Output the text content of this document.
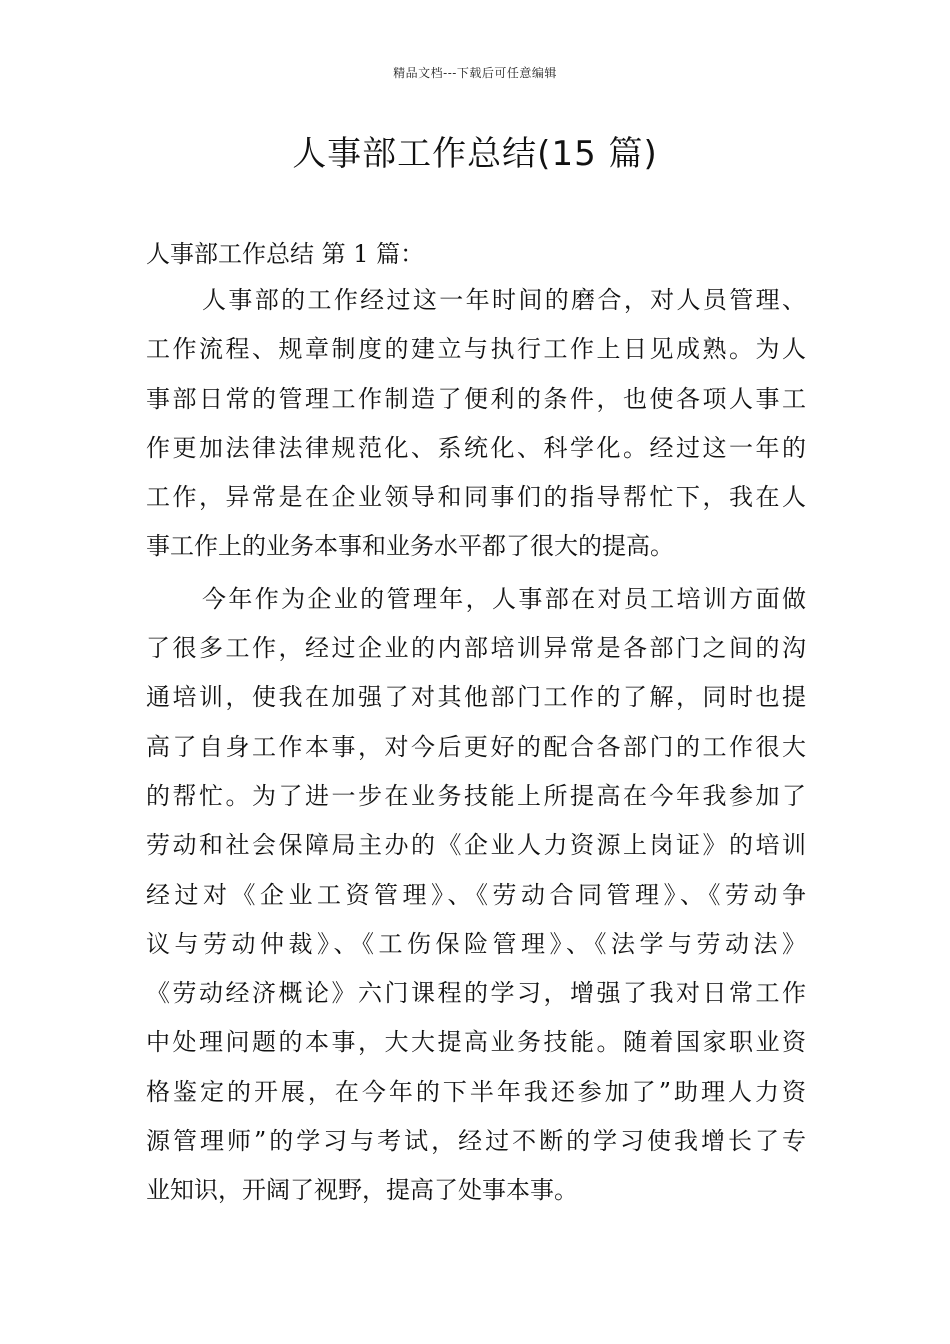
精品文档---下载后可任意编辑
人事部工作总结(15 篇)
人事部工作总结 第 1 篇：
人事部的工作经过这一年时间的磨合，对人员管理、
工作流程、规章制度的建立与执行工作上日见成熟。为人
事部日常的管理工作制造了便利的条件，也使各项人事工
作更加法律法律规范化、系统化、科学化。经过这一年的
工作，异常是在企业领导和同事们的指导帮忙下，我在人
事工作上的业务本事和业务水平都了很大的提高。
今年作为企业的管理年，人事部在对员工培训方面做
了很多工作，经过企业的内部培训异常是各部门之间的沟
通培训，使我在加强了对其他部门工作的了解，同时也提
高了自身工作本事，对今后更好的配合各部门的工作很大
的帮忙。为了进一步在业务技能上所提高在今年我参加了
劳动和社会保障局主办的《企业人力资源上岗证》的培训
经过对《企业工资管理》、《劳动合同管理》、《劳动争
议与劳动仲裁》、《工伤保险管理》、《法学与劳动法》
《劳动经济概论》六门课程的学习，增强了我对日常工作
中处理问题的本事，大大提高业务技能。随着国家职业资
格鉴定的开展，在今年的下半年我还参加了”助理人力资
源管理师”的学习与考试，经过不断的学习使我增长了专
业知识，开阔了视野，提高了处事本事。
